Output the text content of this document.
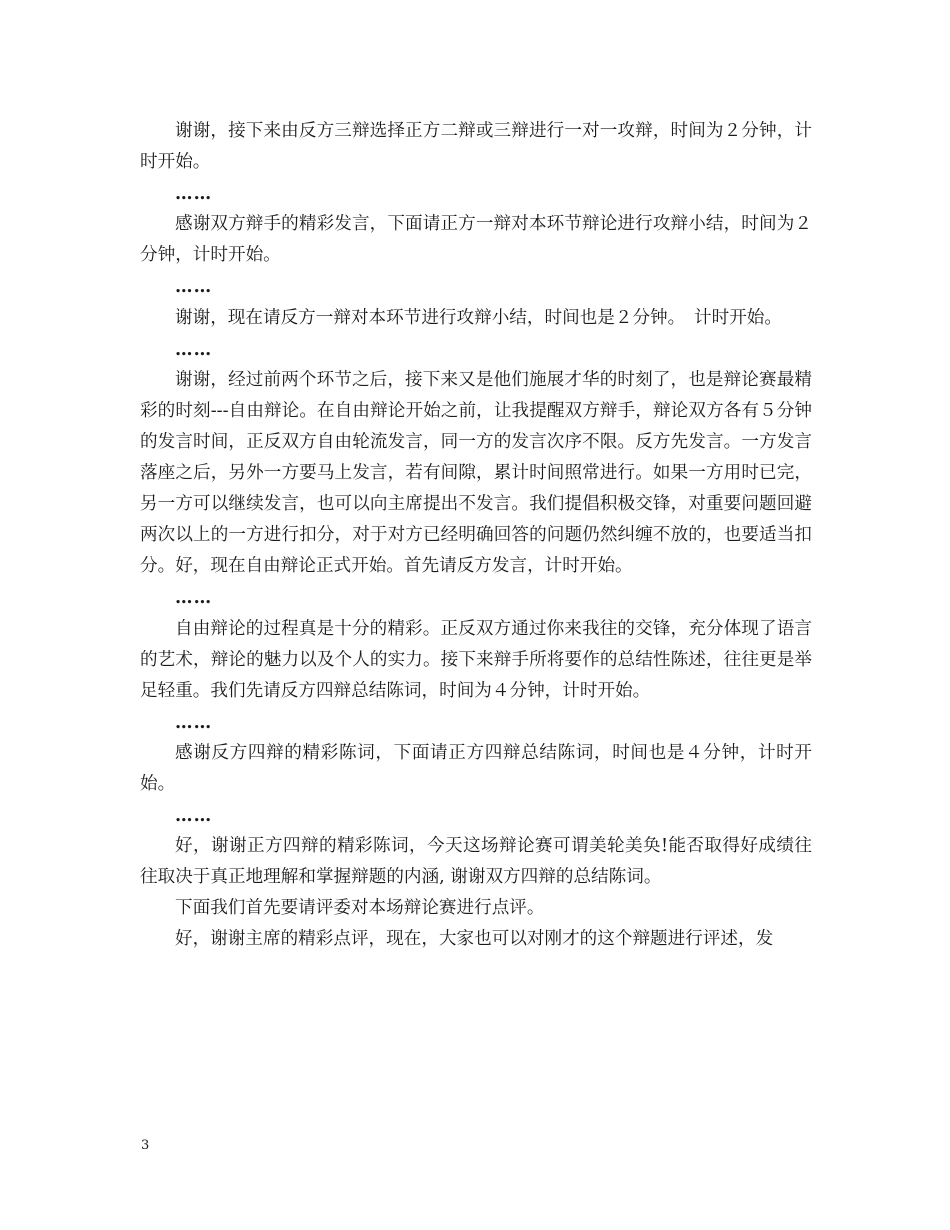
谢谢，接下来由反方三辩选择正方二辩或三辩进行一对一攻辩，时间为２分钟，计时开始。

……

感谢双方辩手的精彩发言，下面请正方一辩对本环节辩论进行攻辩小结，时间为２分钟，计时开始。

……

谢谢，现在请反方一辩对本环节进行攻辩小结，时间也是２分钟。　计时开始。

……

谢谢，经过前两个环节之后，接下来又是他们施展才华的时刻了，也是辩论赛最精彩的时刻---自由辩论。在自由辩论开始之前，让我提醒双方辩手，辩论双方各有５分钟的发言时间，正反双方自由轮流发言，同一方的发言次序不限。反方先发言。一方发言落座之后，另外一方要马上发言，若有间隙，累计时间照常进行。如果一方用时已完，另一方可以继续发言，也可以向主席提出不发言。我们提倡积极交锋，对重要问题回避两次以上的一方进行扣分，对于对方已经明确回答的问题仍然纠缠不放的，也要适当扣分。好，现在自由辩论正式开始。首先请反方发言，计时开始。

……

自由辩论的过程真是十分的精彩。正反双方通过你来我往的交锋，充分体现了语言的艺术，辩论的魅力以及个人的实力。接下来辩手所将要作的总结性陈述，往往更是举足轻重。我们先请反方四辩总结陈词，时间为４分钟，计时开始。

……

感谢反方四辩的精彩陈词，下面请正方四辩总结陈词，时间也是４分钟，计时开始。

……

好，谢谢正方四辩的精彩陈词，今天这场辩论赛可谓美轮美奂!能否取得好成绩往往取决于真正地理解和掌握辩题的内涵, 谢谢双方四辩的总结陈词。

下面我们首先要请评委对本场辩论赛进行点评。

好，谢谢主席的精彩点评，现在，大家也可以对刚才的这个辩题进行评述，发

3
